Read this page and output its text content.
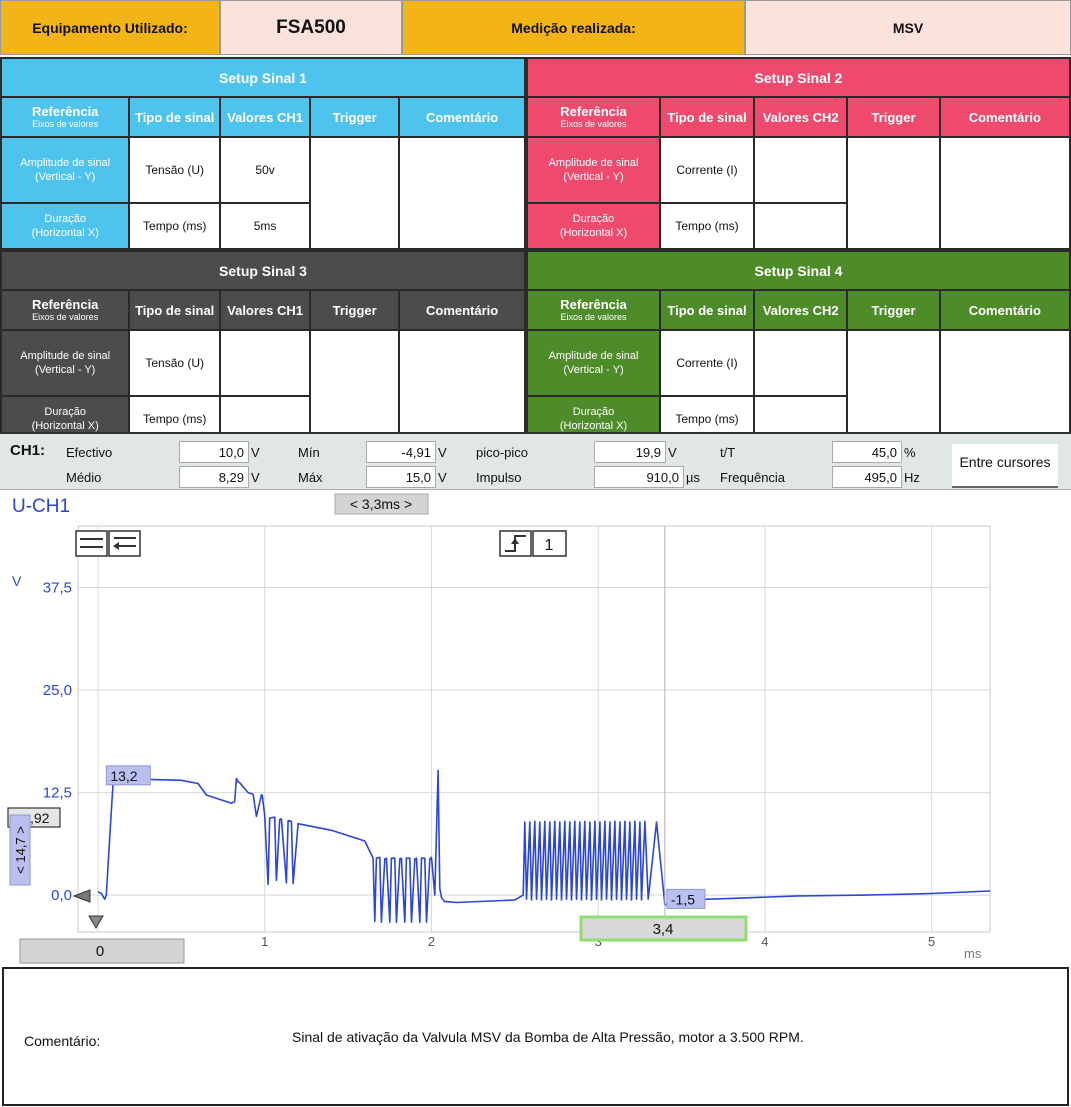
Equipamento Utilizado:	FSA500	Medição realizada:	MSV
Setup Sinal 1				
Referência
Eixos de valores	Tipo de sinal	Valores CH1	Trigger	Comentário
Amplitude de sinal
(Vertical - Y)	Tensão (U)	50v		
Duração
(Horizontal X)	Tempo (ms)	5ms		
Setup Sinal 2				
Referência
Eixos de valores	Tipo de sinal	Valores CH2	Trigger	Comentário
Amplitude de sinal
(Vertical - Y)	Corrente (I)			
Duração
(Horizontal X)	Tempo (ms)			
Setup Sinal 3				
Referência
Eixos de valores	Tipo de sinal	Valores CH1	Trigger	Comentário
Amplitude de sinal
(Vertical - Y)	Tensão (U)			
Duração
(Horizontal X)	Tempo (ms)			
Setup Sinal 4				
Referência
Eixos de valores	Tipo de sinal	Valores CH2	Trigger	Comentário
Amplitude de sinal
(Vertical - Y)	Corrente (I)			
Duração
(Horizontal X)	Tempo (ms)			
37,5
25,0
12,5
0,0
1	2	4	5
U-CH1
V
ms
< 3,3ms >
1
13,2
-1,5
,92
< 14,7 >
0
3,4
CH1: Efectivo	10,0 V
Médio	8,29 V
Mín	-4,91 V
Máx	15,0 V
pico-pico	19,9 V
Impulso	910,0 µs
t/T	45,0 %
Frequência	495,0 Hz
Entre cursores
Comentário:	Sinal de ativação da Valvula MSV da Bomba de Alta Pressão, motor a 3.500 RPM.
